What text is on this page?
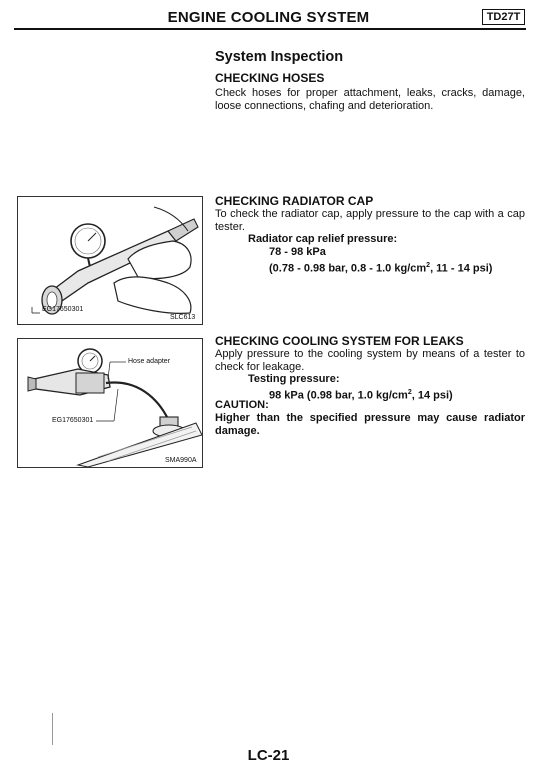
ENGINE COOLING SYSTEM	TD27T
System Inspection
CHECKING HOSES
Check hoses for proper attachment, leaks, cracks, damage, loose connections, chafing and deterioration.
EG17650301
SLC613
CHECKING RADIATOR CAP
To check the radiator cap, apply pressure to the cap with a cap tester.
Radiator cap relief pressure:
78 - 98 kPa
(0.78 - 0.98 bar, 0.8 - 1.0 $kg/cm^2$, 11 - 14 psi)
Hose adapter
EG17650301
SMA990A
CHECKING COOLING SYSTEM FOR LEAKS
Apply pressure to the cooling system by means of a tester to check for leakage.
Testing pressure:
98 kPa (0.98 bar, 1.0 $kg/cm^2$, 14 psi)
CAUTION:
Higher than the specified pressure may cause radiator damage.
LC-21
